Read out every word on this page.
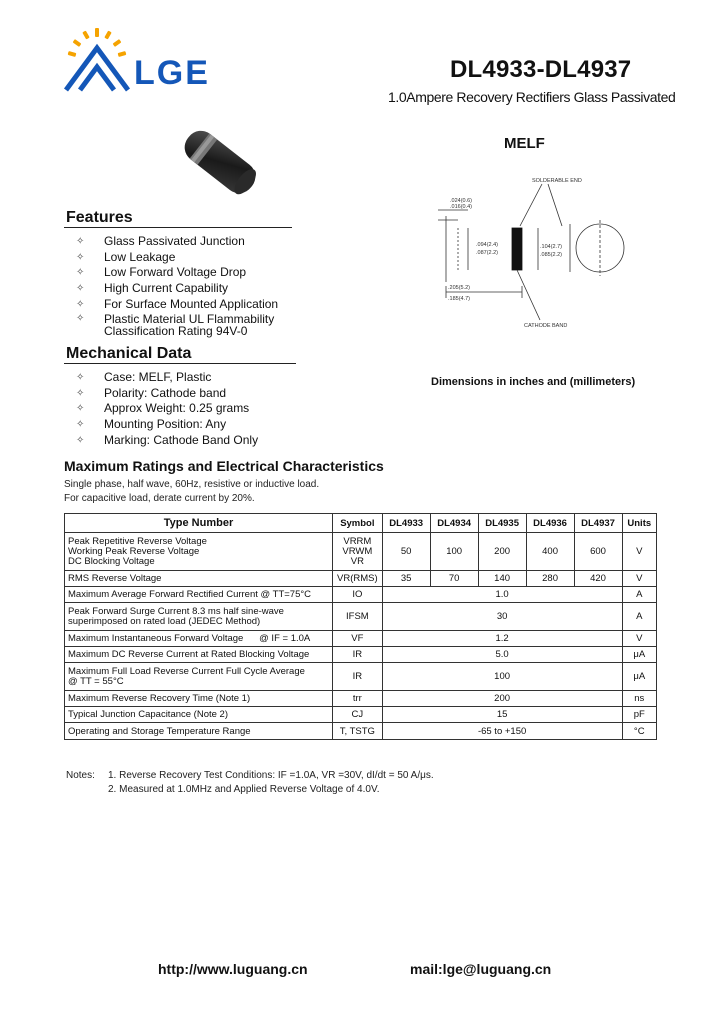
LGE	DL4933-DL4937
1.0Ampere Recovery Rectifiers Glass Passivated
MELF
SOLDERABLE END
.024(0.6)
.016(0.4)
.094(2.4)
.087(2.2)
.104(2.7)
.085(2.2)
.205(5.2)
.185(4.7)
CATHODE BAND
Dimensions in inches and (millimeters)
Features
✧ Glass Passivated Junction
✧ Low Leakage
✧ Low Forward Voltage Drop
✧ High Current Capability
✧ For Surface Mounted Application
✧ Plastic Material UL Flammability Classification Rating 94V-0
Mechanical Data
✧ Case: MELF, Plastic
✧ Polarity: Cathode band
✧ Approx Weight: 0.25 grams
✧ Mounting Position: Any
✧ Marking: Cathode Band Only
Maximum Ratings and Electrical Characteristics
Single phase, half wave, 60Hz, resistive or inductive load.
For capacitive load, derate current by 20%.
Type Number	Symbol	DL4933	DL4934	DL4935	DL4936	DL4937	Units
Peak Repetitive Reverse Voltage
Working Peak Reverse Voltage
DC Blocking Voltage	VRRM
VRWM
VR	50	100	200	400	600	V
RMS Reverse Voltage	VR(RMS)	35	70	140	280	420	V
Maximum Average Forward Rectified Current @ TT=75°C	IO	1.0					A
Peak Forward Surge Current 8.3 ms half sine-wave
superimposed on rated load (JEDEC Method)	IFSM	30					A
Maximum Instantaneous Forward Voltage      @ IF = 1.0A	VF	1.2					V
Maximum DC Reverse Current at Rated Blocking Voltage	IR	5.0					μA
Maximum Full Load Reverse Current Full Cycle Average
@ TT = 55°C	IR	100					μA
Maximum Reverse Recovery Time (Note 1)	trr	200					ns
Typical Junction Capacitance (Note 2)	CJ	15					pF
Operating and Storage Temperature Range	T, TSTG	-65 to +150					°C
Notes: 1. Reverse Recovery Test Conditions: IF =1.0A, VR =30V, dI/dt = 50 A/μs.
2. Measured at 1.0MHz and Applied Reverse Voltage of 4.0V.
http://www.luguang.cn	mail:lge@luguang.cn
